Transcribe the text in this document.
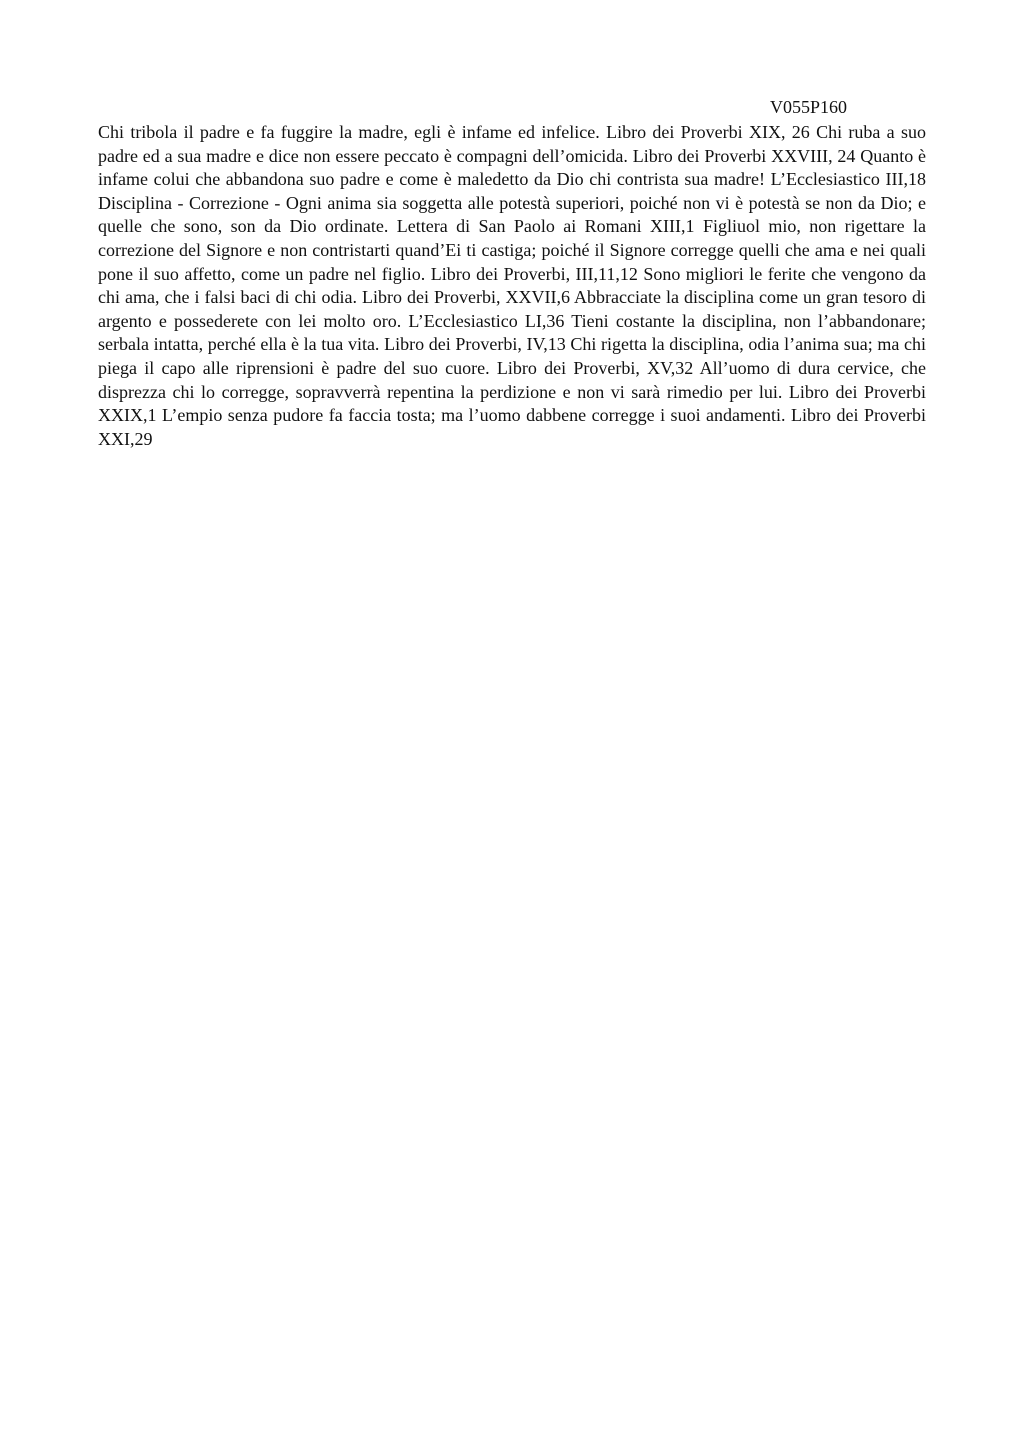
V055P160

Chi tribola il padre e fa fuggire la madre, egli è infame ed infelice. Libro dei Proverbi XIX, 26 Chi ruba a suo padre ed a sua madre e dice non essere peccato è compagni dell’omicida. Libro dei Proverbi XXVIII, 24 Quanto è infame colui che abbandona suo padre e come è maledetto da Dio chi contrista sua madre! L’Ecclesiastico III,18 Disciplina - Correzione - Ogni anima sia soggetta alle potestà superiori, poiché non vi è potestà se non da Dio; e quelle che sono, son da Dio ordinate. Lettera di San Paolo ai Romani XIII,1 Figliuol mio, non rigettare la correzione del Signore e non contristarti quand’Ei ti castiga; poiché il Signore corregge quelli che ama e nei quali pone il suo affetto, come un padre nel figlio. Libro dei Proverbi, III,11,12 Sono migliori le ferite che vengono da chi ama, che i falsi baci di chi odia. Libro dei Proverbi, XXVII,6 Abbracciate la disciplina come un gran tesoro di argento e possederete con lei molto oro. L’Ecclesiastico LI,36 Tieni costante la disciplina, non l’abbandonare; serbala intatta, perché ella è la tua vita. Libro dei Proverbi, IV,13 Chi rigetta la disciplina, odia l’anima sua; ma chi piega il capo alle riprensioni è padre del suo cuore. Libro dei Proverbi, XV,32 All’uomo di dura cervice, che disprezza chi lo corregge, sopravverrà repentina la perdizione e non vi sarà rimedio per lui. Libro dei Proverbi XXIX,1 L’empio senza pudore fa faccia tosta; ma l’uomo dabbene corregge i suoi andamenti. Libro dei Proverbi XXI,29
